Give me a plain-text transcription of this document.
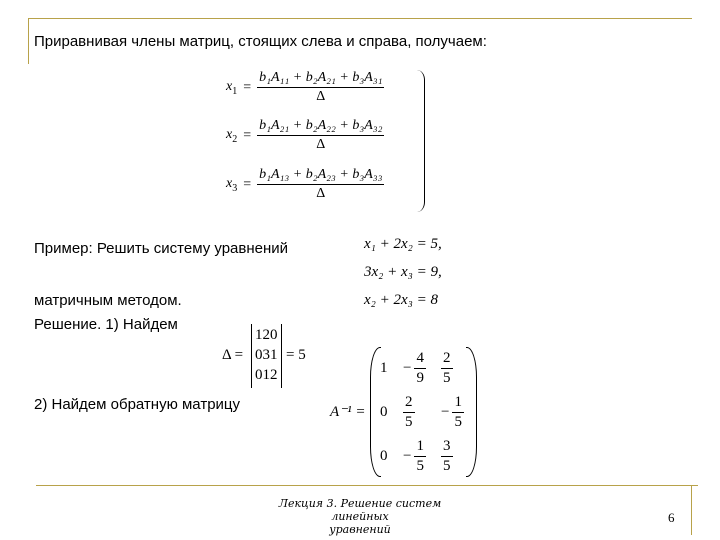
Приравнивая члены матриц, стоящих слева и справа, получаем:
$x_1 = \frac{\text{b₁A₁₁ + b₂A₂₁ + b₃A₃₁}}{\Delta}$
$x_2 = \frac{\text{b₁A₂₁ + b₂A₂₂ + b₃A₃₂}}{\Delta}$
$x_3 = \frac{\text{b₁A₁₃ + b₂A₂₃ + b₃A₃₃}}{\Delta}$
Пример: Решить систему уравнений	x₁ + 2x₂ = 5,
3x₂ + x₃ = 9,
x₂ + 2x₃ = 8
матричным методом.
Решение. 1) Найдем
Δ =
120
031
012
= 5
2) Найдем обратную матрицу	A⁻¹ =
$1 - \frac{4}{9} \frac{2}{5}$
$0 \frac{2}{5} - \frac{1}{5}$
$0 - \frac{1}{5} \frac{3}{5}$
Лекция 3. Решение систем линейных
уравнений
6
